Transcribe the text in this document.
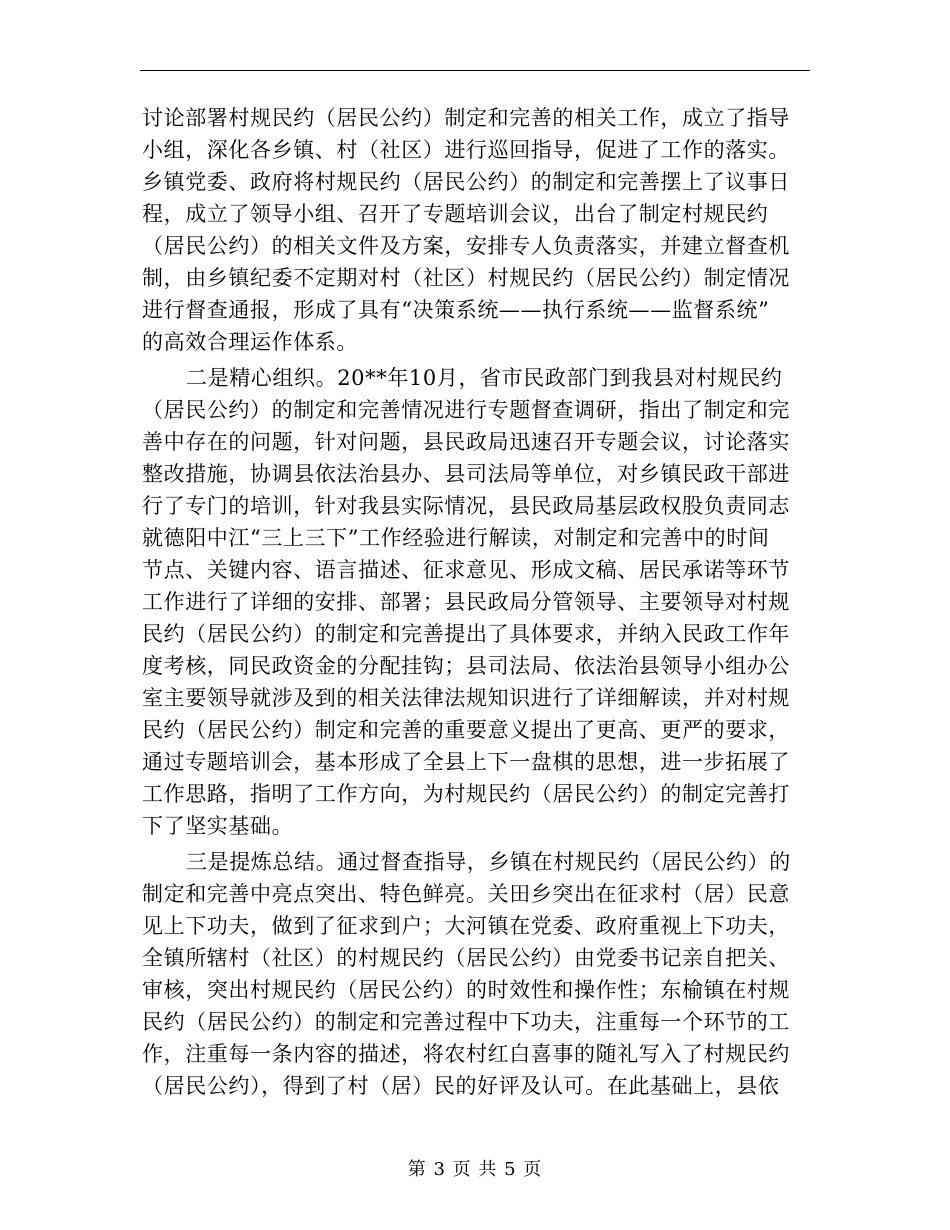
讨论部署村规民约（居民公约）制定和完善的相关工作，成立了指导
小组，深化各乡镇、村（社区）进行巡回指导，促进了工作的落实。
乡镇党委、政府将村规民约（居民公约）的制定和完善摆上了议事日
程，成立了领导小组、召开了专题培训会议，出台了制定村规民约
（居民公约）的相关文件及方案，安排专人负责落实，并建立督查机
制，由乡镇纪委不定期对村（社区）村规民约（居民公约）制定情况
进行督查通报，形成了具有“决策系统——执行系统——监督系统”
的高效合理运作体系。
二是精心组织。20**年10月，省市民政部门到我县对村规民约
（居民公约）的制定和完善情况进行专题督查调研，指出了制定和完
善中存在的问题，针对问题，县民政局迅速召开专题会议，讨论落实
整改措施，协调县依法治县办、县司法局等单位，对乡镇民政干部进
行了专门的培训，针对我县实际情况，县民政局基层政权股负责同志
就德阳中江“三上三下”工作经验进行解读，对制定和完善中的时间
节点、关键内容、语言描述、征求意见、形成文稿、居民承诺等环节
工作进行了详细的安排、部署；县民政局分管领导、主要领导对村规
民约（居民公约）的制定和完善提出了具体要求，并纳入民政工作年
度考核，同民政资金的分配挂钩；县司法局、依法治县领导小组办公
室主要领导就涉及到的相关法律法规知识进行了详细解读，并对村规
民约（居民公约）制定和完善的重要意义提出了更高、更严的要求，
通过专题培训会，基本形成了全县上下一盘棋的思想，进一步拓展了
工作思路，指明了工作方向，为村规民约（居民公约）的制定完善打
下了坚实基础。
三是提炼总结。通过督查指导，乡镇在村规民约（居民公约）的
制定和完善中亮点突出、特色鲜亮。关田乡突出在征求村（居）民意
见上下功夫，做到了征求到户；大河镇在党委、政府重视上下功夫，
全镇所辖村（社区）的村规民约（居民公约）由党委书记亲自把关、
审核，突出村规民约（居民公约）的时效性和操作性；东榆镇在村规
民约（居民公约）的制定和完善过程中下功夫，注重每一个环节的工
作，注重每一条内容的描述，将农村红白喜事的随礼写入了村规民约
（居民公约），得到了村（居）民的好评及认可。在此基础上，县依
第 3 页 共 5 页
